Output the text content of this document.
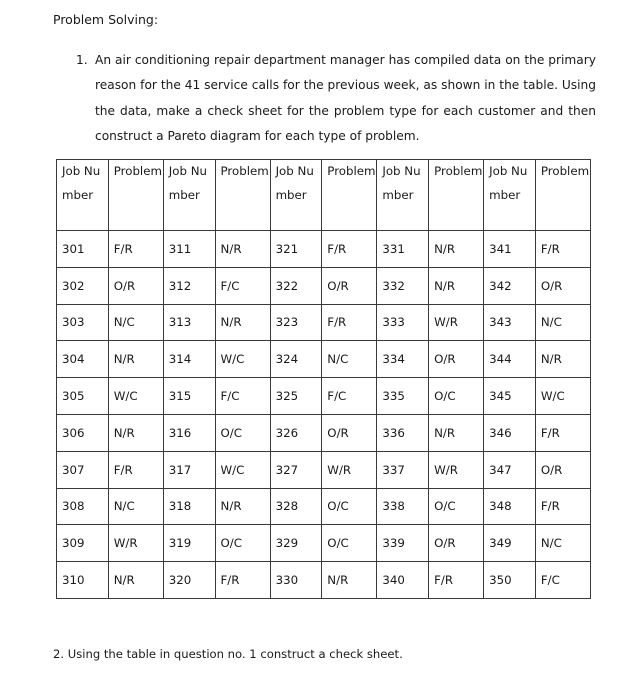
Problem Solving:
1. An air conditioning repair department manager has compiled data on the primary reason for the 41 service calls for the previous week, as shown in the table. Using the data, make a check sheet for the problem type for each customer and then construct a Pareto diagram for each type of problem.
Job Number	Problem	Job Number	Problem	Job Number	Problem	Job Number	Problem	Job Number	Problem
301	F/R	311	N/R	321	F/R	331	N/R	341	F/R
302	O/R	312	F/C	322	O/R	332	N/R	342	O/R
303	N/C	313	N/R	323	F/R	333	W/R	343	N/C
304	N/R	314	W/C	324	N/C	334	O/R	344	N/R
305	W/C	315	F/C	325	F/C	335	O/C	345	W/C
306	N/R	316	O/C	326	O/R	336	N/R	346	F/R
307	F/R	317	W/C	327	W/R	337	W/R	347	O/R
308	N/C	318	N/R	328	O/C	338	O/C	348	F/R
309	W/R	319	O/C	329	O/C	339	O/R	349	N/C
310	N/R	320	F/R	330	N/R	340	F/R	350	F/C
2. Using the table in question no. 1 construct a check sheet.
